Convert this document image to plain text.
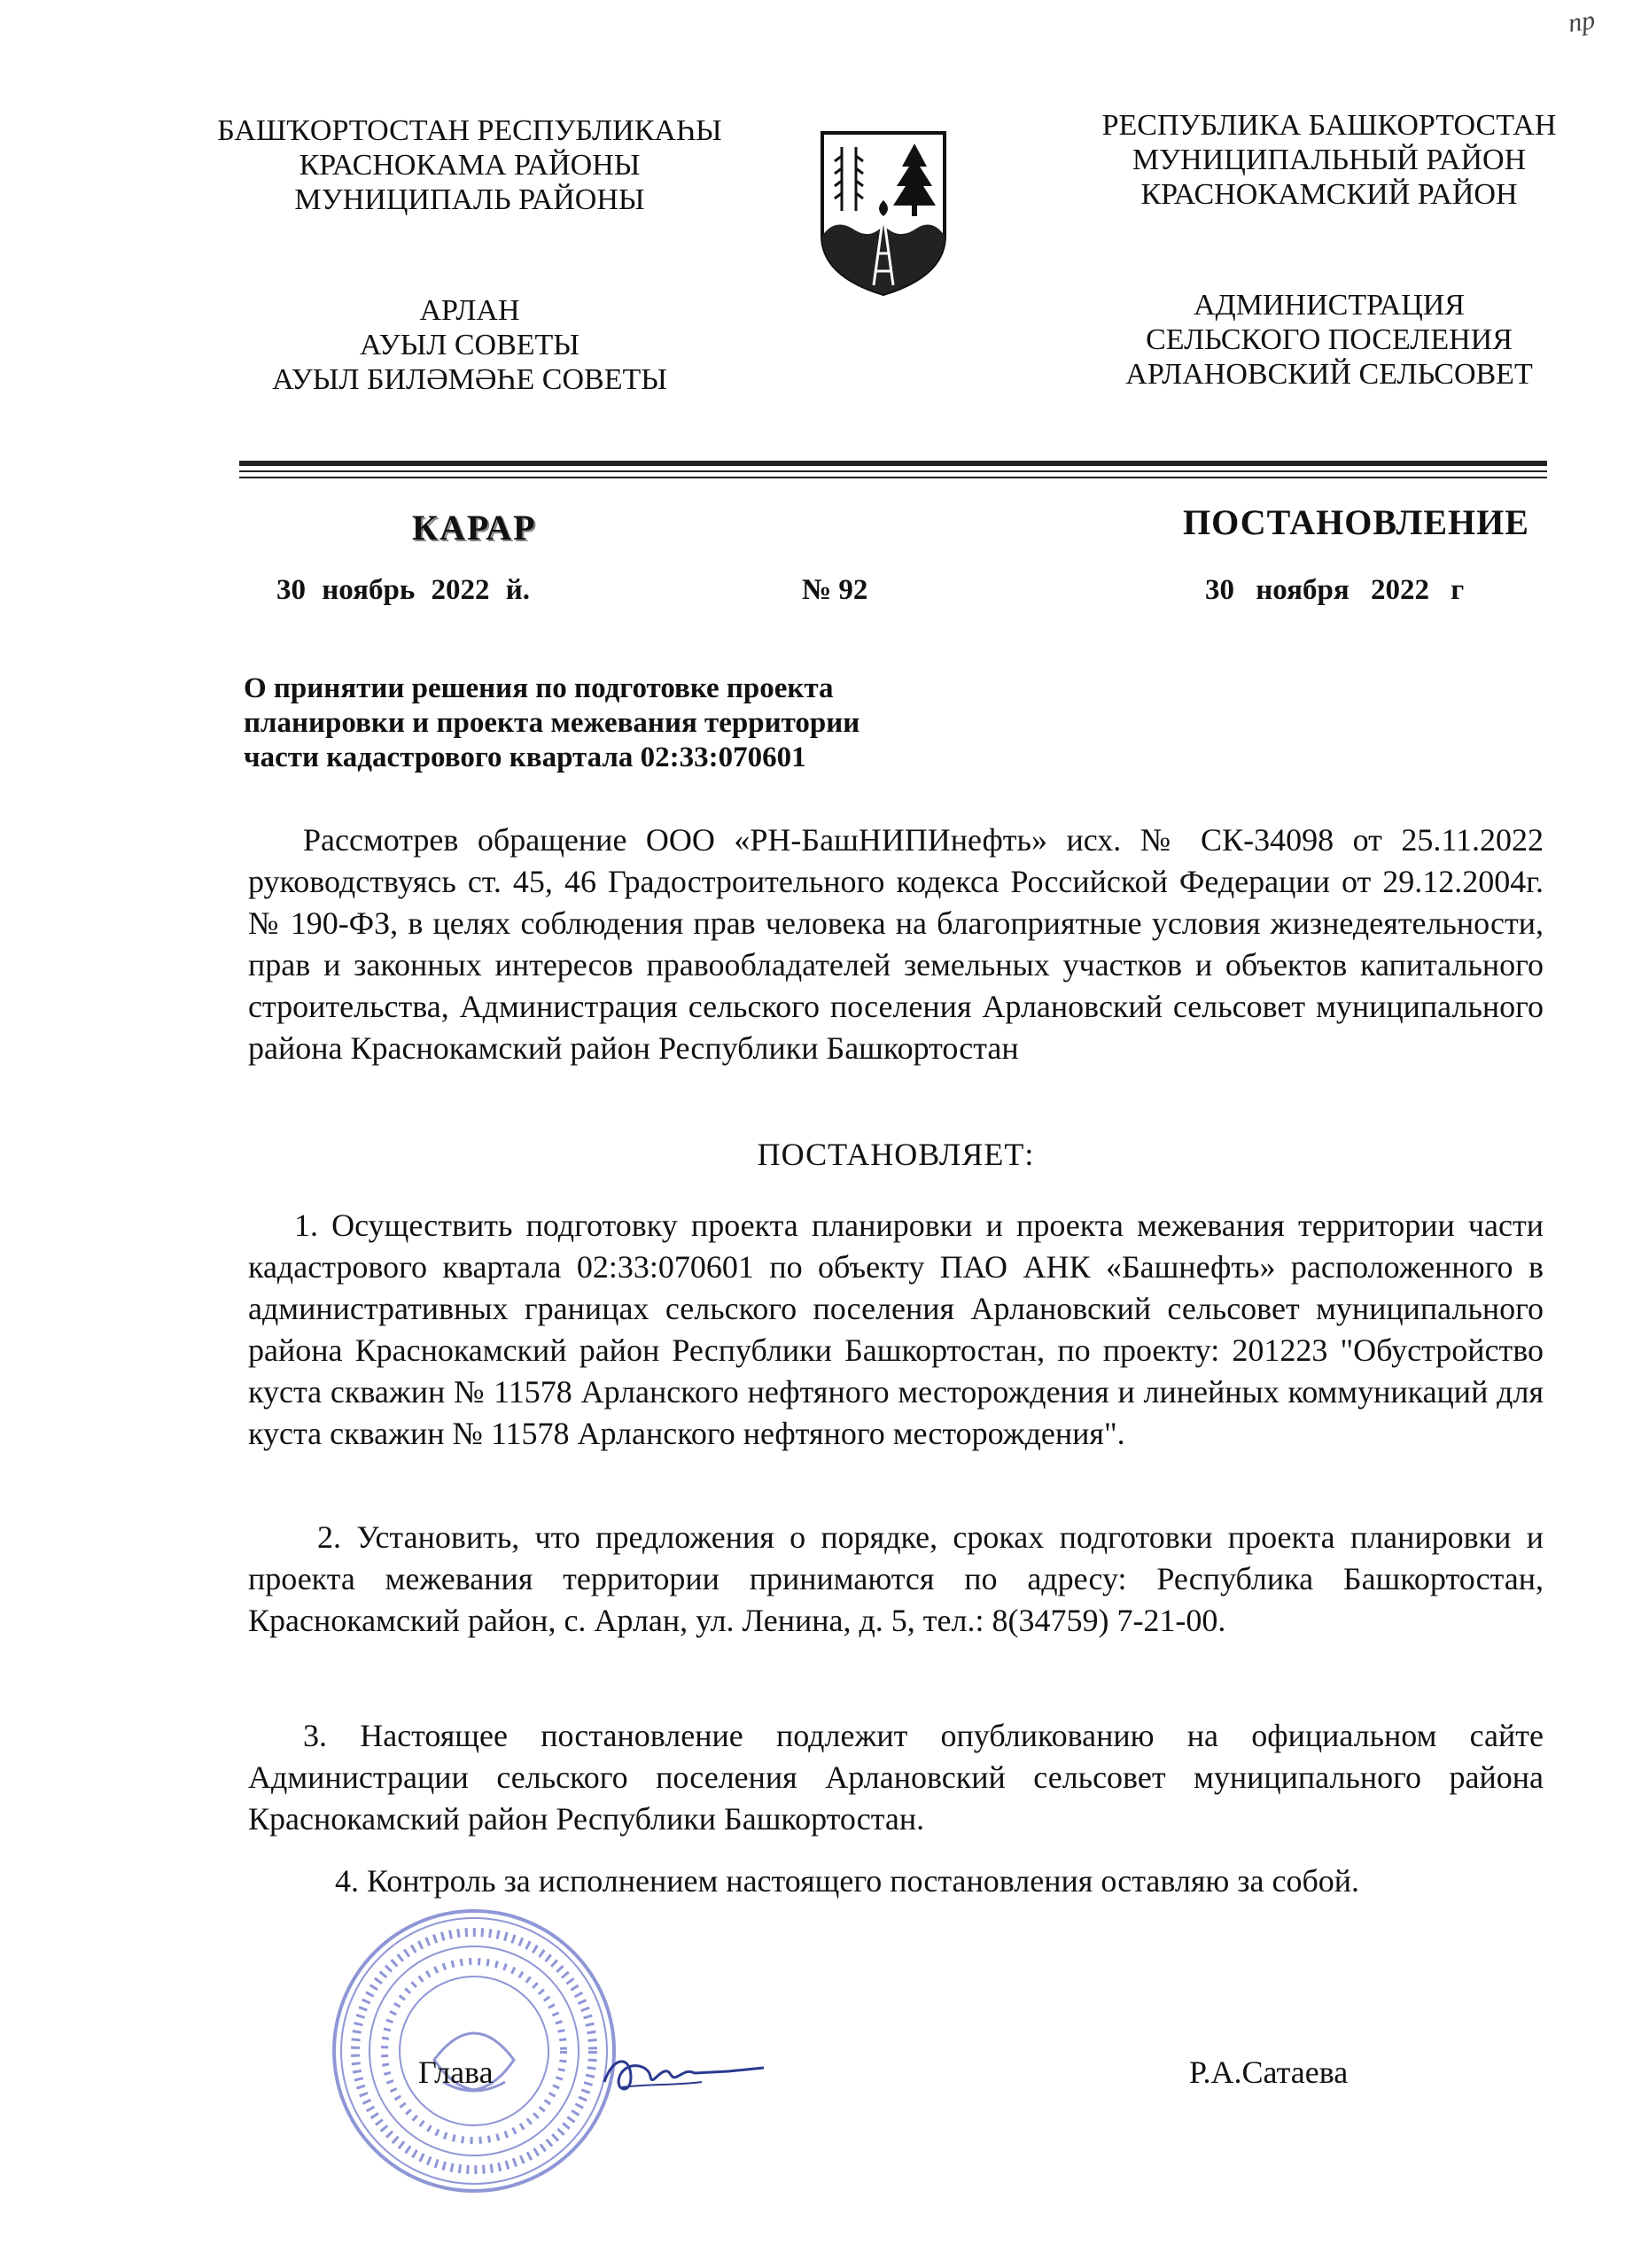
пр
БАШҠОРТОСТАН РЕСПУБЛИКАҺЫ
КРАСНОКАМА РАЙОНЫ
МУНИЦИПАЛЬ РАЙОНЫ
АРЛАН
АУЫЛ СОВЕТЫ
АУЫЛ БИЛӘМӘҺЕ СОВЕТЫ
РЕСПУБЛИКА БАШКОРТОСТАН
МУНИЦИПАЛЬНЫЙ РАЙОН
КРАСНОКАМСКИЙ РАЙОН
АДМИНИСТРАЦИЯ
СЕЛЬСКОГО ПОСЕЛЕНИЯ
АРЛАНОВСКИЙ СЕЛЬСОВЕТ
КАРАР	ПОСТАНОВЛЕНИЕ
30 ноябрь 2022 й.	№ 92	30 ноября 2022 г
О принятии решения по подготовке проекта
планировки и проекта межевания территории
части кадастрового квартала 02:33:070601
Рассмотрев обращение ООО «РН-БашНИПИнефть» исх. № СК-34098 от 25.11.2022 руководствуясь ст. 45, 46 Градостроительного кодекса Российской Федерации от 29.12.2004г. № 190-ФЗ, в целях соблюдения прав человека на благоприятные условия жизнедеятельности, прав и законных интересов правообладателей земельных участков и объектов капитального строительства, Администрация сельского поселения Арлановский сельсовет муниципального района Краснокамский район Республики Башкортостан
ПОСТАНОВЛЯЕТ:
1. Осуществить подготовку проекта планировки и проекта межевания территории части кадастрового квартала 02:33:070601 по объекту ПАО АНК «Башнефть» расположенного в административных границах сельского поселения Арлановский сельсовет муниципального района Краснокамский район Республики Башкортостан, по проекту: 201223 "Обустройство куста скважин № 11578 Арланского нефтяного месторождения и линейных коммуникаций для куста скважин № 11578 Арланского нефтяного месторождения".
2. Установить, что предложения о порядке, сроках подготовки проекта планировки и проекта межевания территории принимаются по адресу: Республика Башкортостан, Краснокамский район, с. Арлан, ул. Ленина, д. 5, тел.: 8(34759) 7-21-00.
3. Настоящее постановление подлежит опубликованию на официальном сайте Администрации сельского поселения Арлановский сельсовет муниципального района Краснокамский район Республики Башкортостан.
4. Контроль за исполнением настоящего постановления оставляю за собой.
Глава	Р.А.Сатаева
